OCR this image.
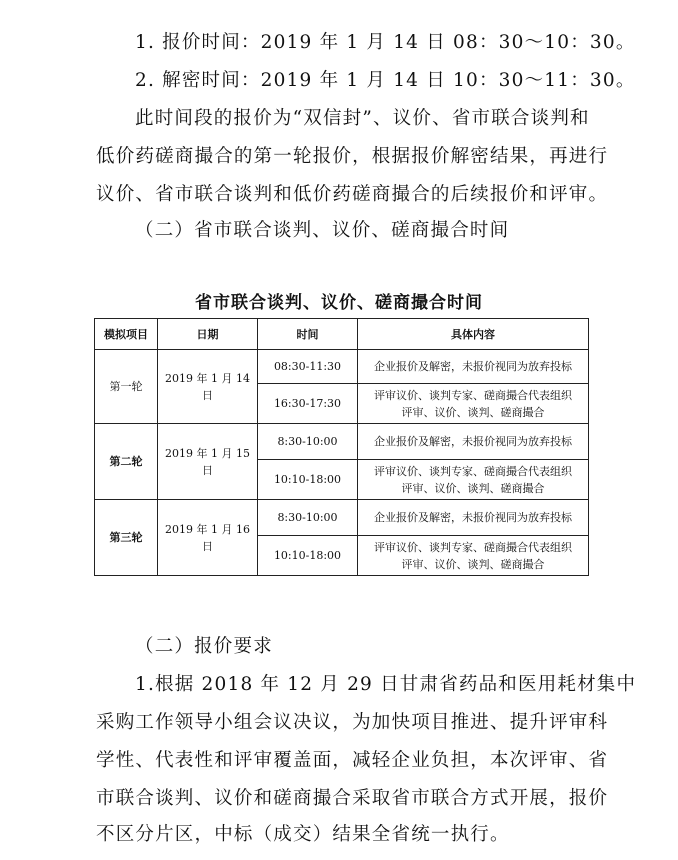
1. 报价时间：2019 年 1 月 14 日 08：30～10：30。
2. 解密时间：2019 年 1 月 14 日 10：30～11：30。
此时间段的报价为“双信封”、议价、省市联合谈判和
低价药磋商撮合的第一轮报价，根据报价解密结果，再进行
议价、省市联合谈判和低价药磋商撮合的后续报价和评审。
（二）省市联合谈判、议价、磋商撮合时间
省市联合谈判、议价、磋商撮合时间
模拟项目	日期	时间	具体内容
第一轮	2019 年 1 月 14 日	08:30-11:30	企业报价及解密，未报价视同为放弃投标
		16:30-17:30	评审议价、谈判专家、磋商撮合代表组织
评审、议价、谈判、磋商撮合
第二轮	2019 年 1 月 15 日	8:30-10:00	企业报价及解密，未报价视同为放弃投标
		10:10-18:00	评审议价、谈判专家、磋商撮合代表组织
评审、议价、谈判、磋商撮合
第三轮	2019 年 1 月 16 日	8:30-10:00	企业报价及解密，未报价视同为放弃投标
		10:10-18:00	评审议价、谈判专家、磋商撮合代表组织
评审、议价、谈判、磋商撮合
（二）报价要求
1.根据 2018 年 12 月 29 日甘肃省药品和医用耗材集中
采购工作领导小组会议决议，为加快项目推进、提升评审科
学性、代表性和评审覆盖面，减轻企业负担，本次评审、省
市联合谈判、议价和磋商撮合采取省市联合方式开展，报价
不区分片区，中标（成交）结果全省统一执行。
